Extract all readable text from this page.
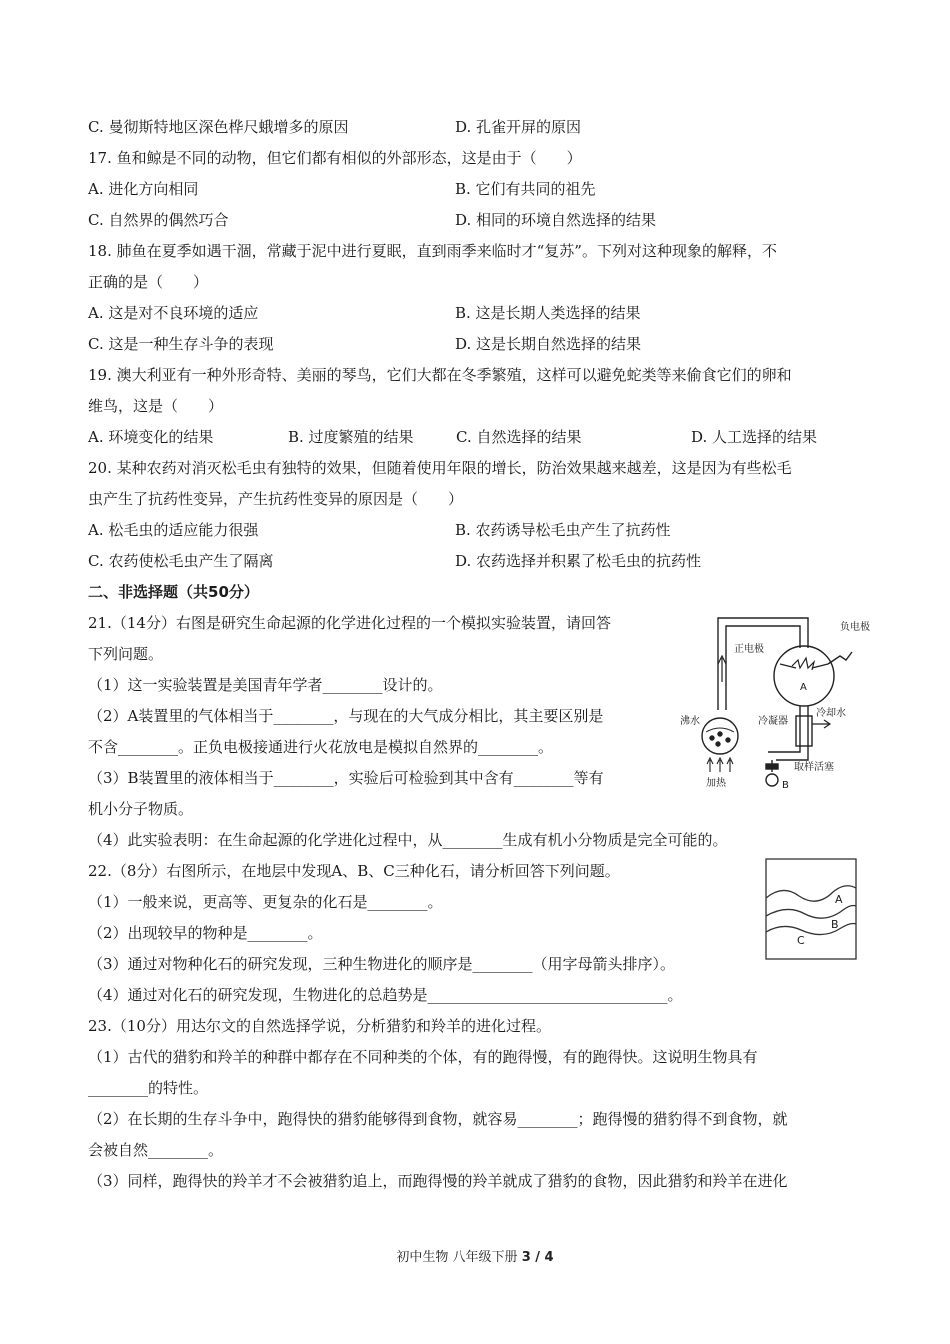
C. 曼彻斯特地区深色桦尺蛾增多的原因	D. 孔雀开屏的原因
17. 鱼和鲸是不同的动物，但它们都有相似的外部形态，这是由于（　　）
A. 进化方向相同	B. 它们有共同的祖先
C. 自然界的偶然巧合	D. 相同的环境自然选择的结果
18. 肺鱼在夏季如遇干涸，常藏于泥中进行夏眠，直到雨季来临时才“复苏”。下列对这种现象的解释，不
正确的是（　　）
A. 这是对不良环境的适应	B. 这是长期人类选择的结果
C. 这是一种生存斗争的表现	D. 这是长期自然选择的结果
19. 澳大利亚有一种外形奇特、美丽的琴鸟，它们大都在冬季繁殖，这样可以避免蛇类等来偷食它们的卵和
维鸟，这是（　　）
A. 环境变化的结果	B. 过度繁殖的结果	C. 自然选择的结果	D. 人工选择的结果
20. 某种农药对消灭松毛虫有独特的效果，但随着使用年限的增长，防治效果越来越差，这是因为有些松毛
虫产生了抗药性变异，产生抗药性变异的原因是（　　）
A. 松毛虫的适应能力很强	B. 农药诱导松毛虫产生了抗药性
C. 农药使松毛虫产生了隔离	D. 农药选择并积累了松毛虫的抗药性
二、非选择题（共50分）
21.（14分）右图是研究生命起源的化学进化过程的一个模拟实验装置，请回答
下列问题。
（1）这一实验装置是美国青年学者________设计的。
（2）A装置里的气体相当于________，与现在的大气成分相比，其主要区别是
不含________。正负电极接通进行火花放电是模拟自然界的________。
（3）B装置里的液体相当于________，实验后可检验到其中含有________等有
机小分子物质。
（4）此实验表明：在生命起源的化学进化过程中，从________生成有机小分物质是完全可能的。
负电极
正电极
A
冷凝器
冷却水
沸水
加热
取样活塞
B
22.（8分）右图所示，在地层中发现A、B、C三种化石，请分析回答下列问题。
（1）一般来说，更高等、更复杂的化石是________。
（2）出现较早的物种是________。
（3）通过对物种化石的研究发现，三种生物进化的顺序是________（用字母箭头排序）。
（4）通过对化石的研究发现，生物进化的总趋势是________________________________。
A
B
C
23.（10分）用达尔文的自然选择学说，分析猎豹和羚羊的进化过程。
（1）古代的猎豹和羚羊的种群中都存在不同种类的个体，有的跑得慢，有的跑得快。这说明生物具有
________的特性。
（2）在长期的生存斗争中，跑得快的猎豹能够得到食物，就容易________；跑得慢的猎豹得不到食物，就
会被自然________。
（3）同样，跑得快的羚羊才不会被猎豹追上，而跑得慢的羚羊就成了猎豹的食物，因此猎豹和羚羊在进化
初中生物 八年级下册 3 / 4
